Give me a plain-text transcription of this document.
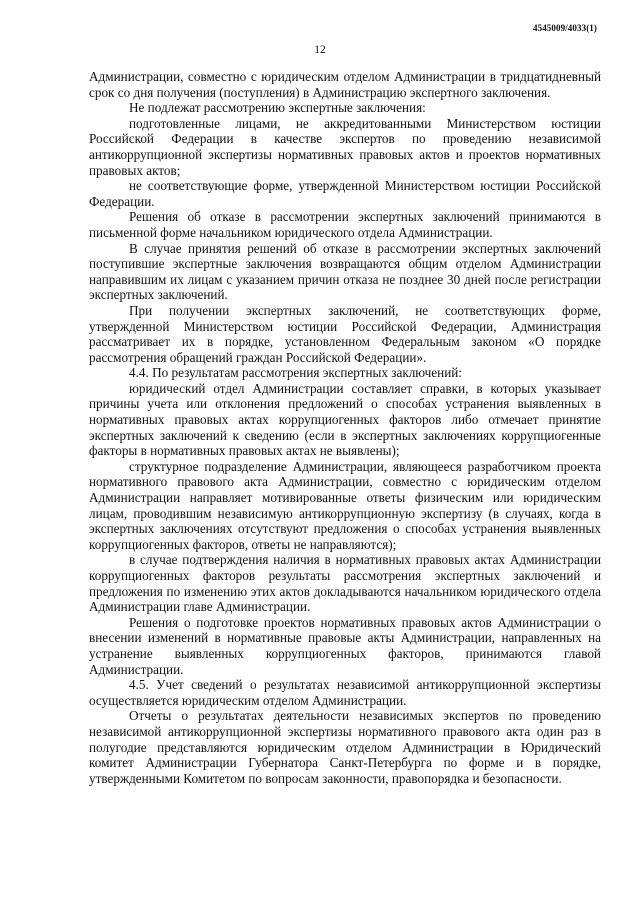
4545009/4033(1)
12

Администрации, совместно с юридическим отделом Администрации в тридцатидневный срок со дня получения (поступления) в Администрацию экспертного заключения.

Не подлежат рассмотрению экспертные заключения:

подготовленные лицами, не аккредитованными Министерством юстиции Российской Федерации в качестве экспертов по проведению независимой антикоррупционной экспертизы нормативных правовых актов и проектов нормативных правовых актов;

не соответствующие форме, утвержденной Министерством юстиции Российской Федерации.

Решения об отказе в рассмотрении экспертных заключений принимаются в письменной форме начальником юридического отдела Администрации.

В случае принятия решений об отказе в рассмотрении экспертных заключений поступившие экспертные заключения возвращаются общим отделом Администрации направившим их лицам с указанием причин отказа не позднее 30 дней после регистрации экспертных заключений.

При получении экспертных заключений, не соответствующих форме, утвержденной Министерством юстиции Российской Федерации, Администрация рассматривает их в порядке, установленном Федеральным законом «О порядке рассмотрения обращений граждан Российской Федерации».

4.4. По результатам рассмотрения экспертных заключений:

юридический отдел Администрации составляет справки, в которых указывает причины учета или отклонения предложений о способах устранения выявленных в нормативных правовых актах коррупциогенных факторов либо отмечает принятие экспертных заключений к сведению (если в экспертных заключениях коррупциогенные факторы в нормативных правовых актах не выявлены);

структурное подразделение Администрации, являющееся разработчиком проекта нормативного правового акта Администрации, совместно с юридическим отделом Администрации направляет мотивированные ответы физическим или юридическим лицам, проводившим независимую антикоррупционную экспертизу (в случаях, когда в экспертных заключениях отсутствуют предложения о способах устранения выявленных коррупциогенных факторов, ответы не направляются);

в случае подтверждения наличия в нормативных правовых актах Администрации коррупциогенных факторов результаты рассмотрения экспертных заключений и предложения по изменению этих актов докладываются начальником юридического отдела Администрации главе Администрации.

Решения о подготовке проектов нормативных правовых актов Администрации о внесении изменений в нормативные правовые акты Администрации, направленных на устранение выявленных коррупциогенных факторов, принимаются главой Администрации.

4.5. Учет сведений о результатах независимой антикоррупционной экспертизы осуществляется юридическим отделом Администрации.

Отчеты о результатах деятельности независимых экспертов по проведению независимой антикоррупционной экспертизы нормативного правового акта один раз в полугодие представляются юридическим отделом Администрации в Юридический комитет Администрации Губернатора Санкт-Петербурга по форме и в порядке, утвержденными Комитетом по вопросам законности, правопорядка и безопасности.
